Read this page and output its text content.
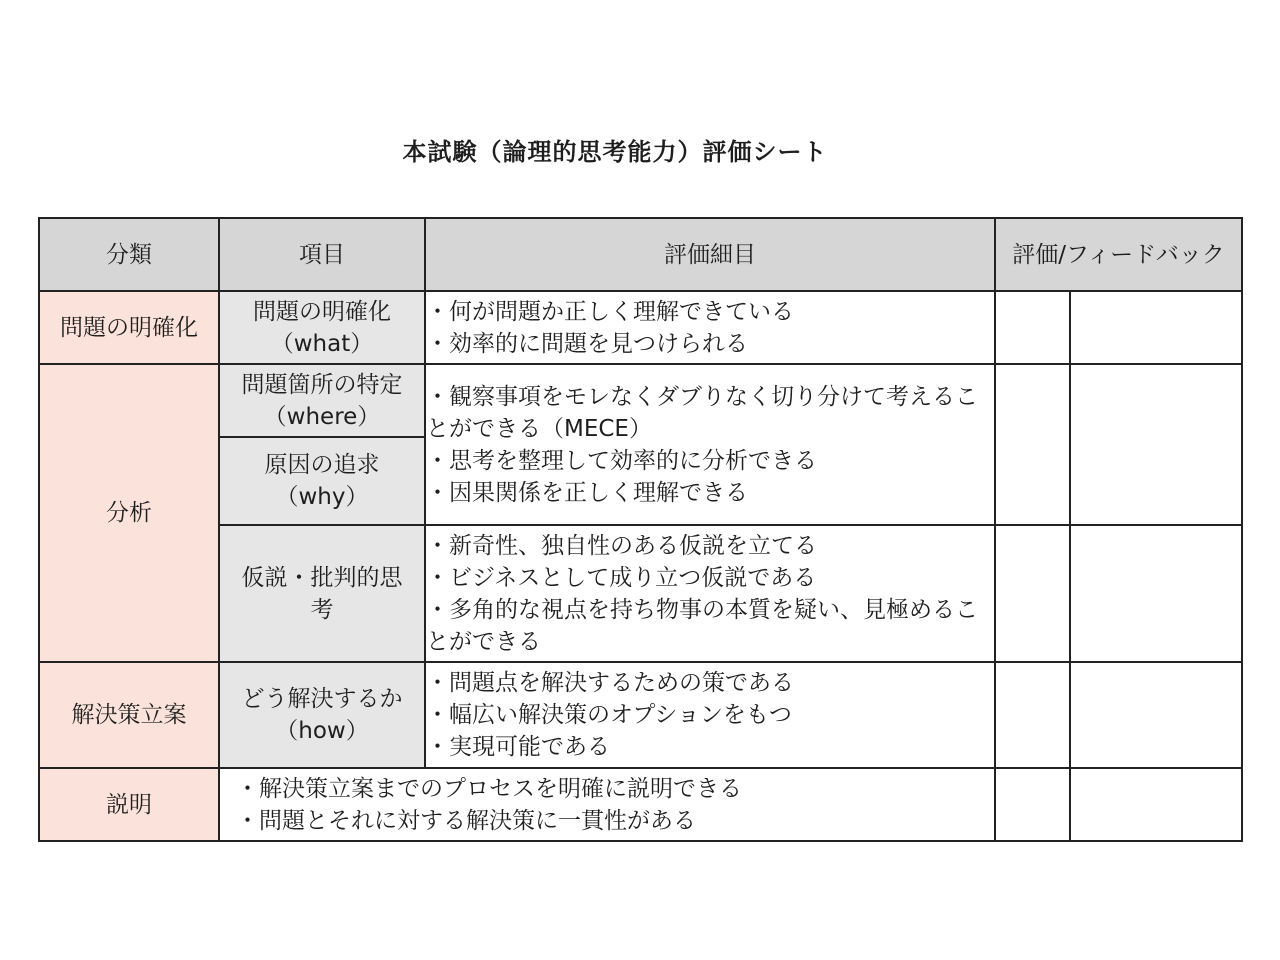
本試験（論理的思考能力）評価シート
分類	項目	評価細目	評価/フィードバック	
問題の明確化	問題の明確化（what）	・何が問題か正しく理解できている
・効率的に問題を見つけられる		

分析	問題箇所の特定（where）	・観察事項をモレなくダブりなく切り分けて考えることができる（MECE）
・思考を整理して効率的に分析できる
・因果関係を正しく理解できる		

	原因の追求（why）			

	仮説・批判的思考	・新奇性、独自性のある仮説を立てる
・ビジネスとして成り立つ仮説である
・多角的な視点を持ち物事の本質を疑い、見極めることができる		

解決策立案	どう解決するか（how）	・問題点を解決するための策である
・幅広い解決策のオプションをもつ
・実現可能である		

説明	・解決策立案までのプロセスを明確に説明できる
・問題とそれに対する解決策に一貫性がある			
